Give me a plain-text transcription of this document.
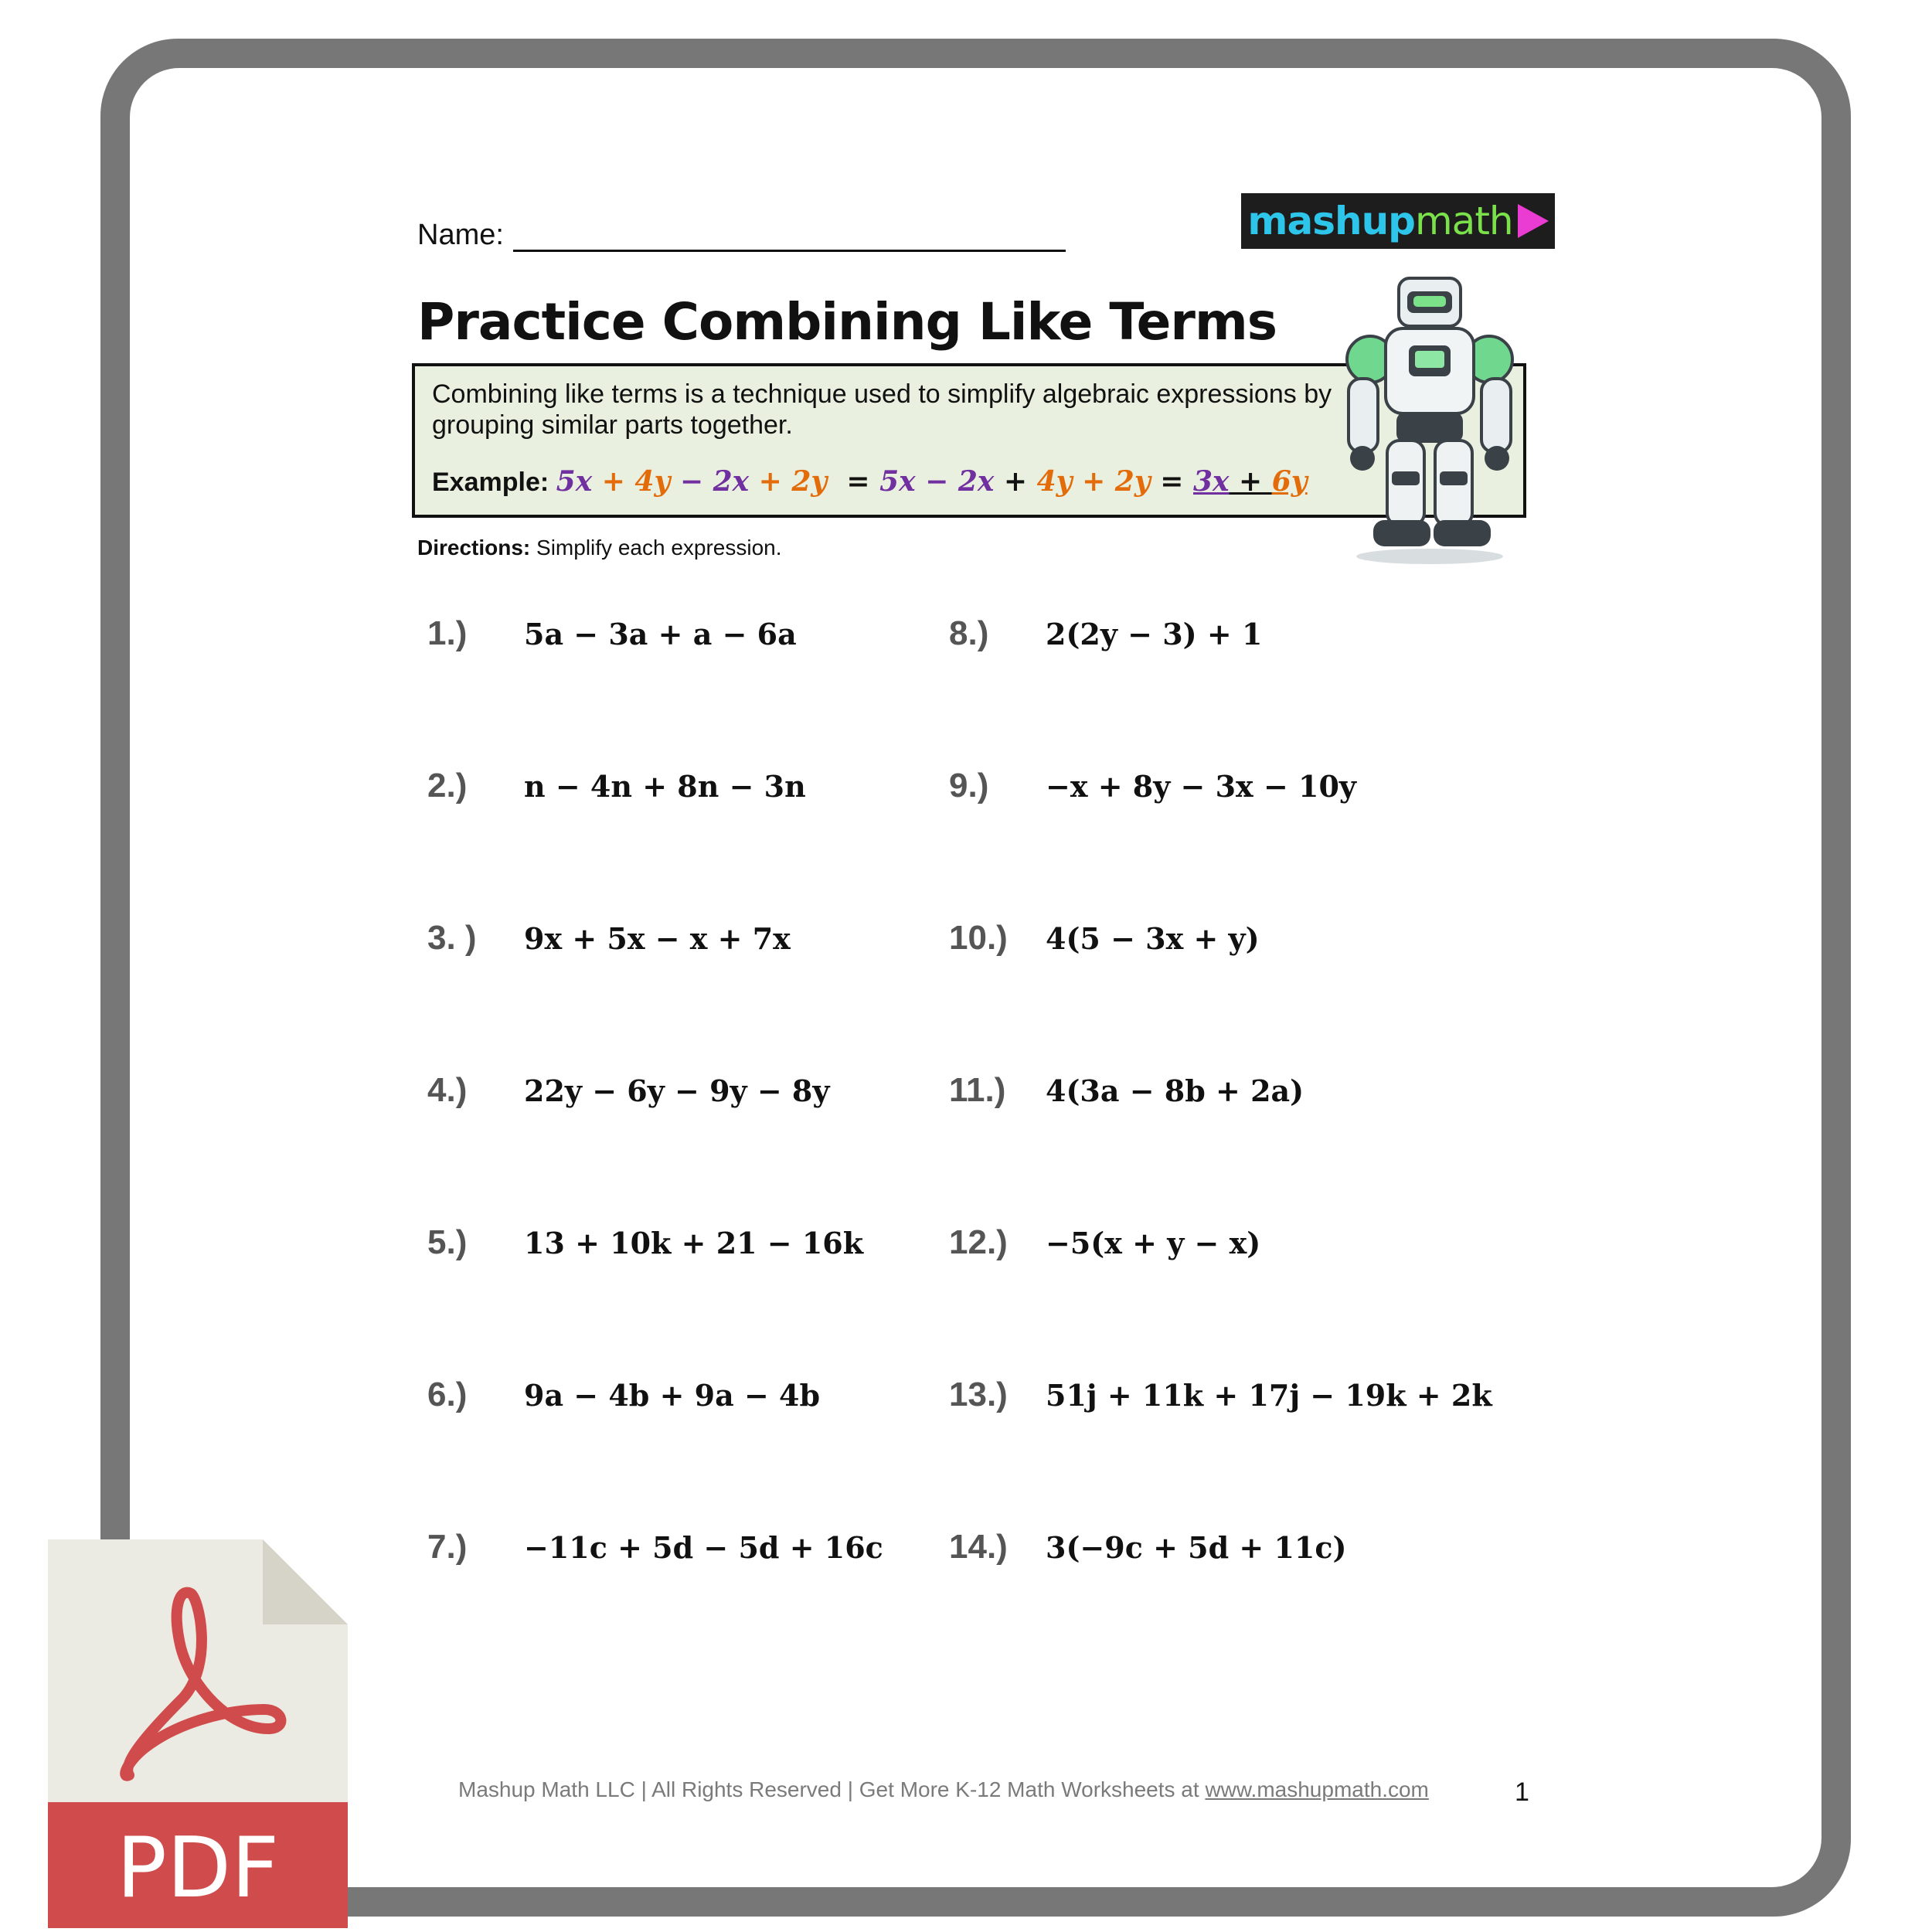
Name:	mashup math
Practice Combining Like Terms
Combining like terms is a technique used to simplify algebraic expressions by grouping similar parts together.
Example: 5x + 4y − 2x + 2y  = 5x − 2x + 4y + 2y = 3x + 6y
Directions: Simplify each expression.
1.)	5a − 3a + a − 6a
2.)	n − 4n + 8n − 3n
3. )	9x + 5x − x + 7x
4.)	22y − 6y − 9y − 8y
5.)	13 + 10k + 21 − 16k
6.)	9a − 4b + 9a − 4b
7.)	−11c + 5d − 5d + 16c
8.)	2(2y − 3) + 1
9.)	−x + 8y − 3x − 10y
10.)	4(5 − 3x + y)
11.)	4(3a − 8b + 2a)
12.)	−5(x + y − x)
13.)	51j + 11k + 17j − 19k + 2k
14.)	3(−9c + 5d + 11c)
Mashup Math LLC | All Rights Reserved | Get More K-12 Math Worksheets at www.mashupmath.com	1
PDF
